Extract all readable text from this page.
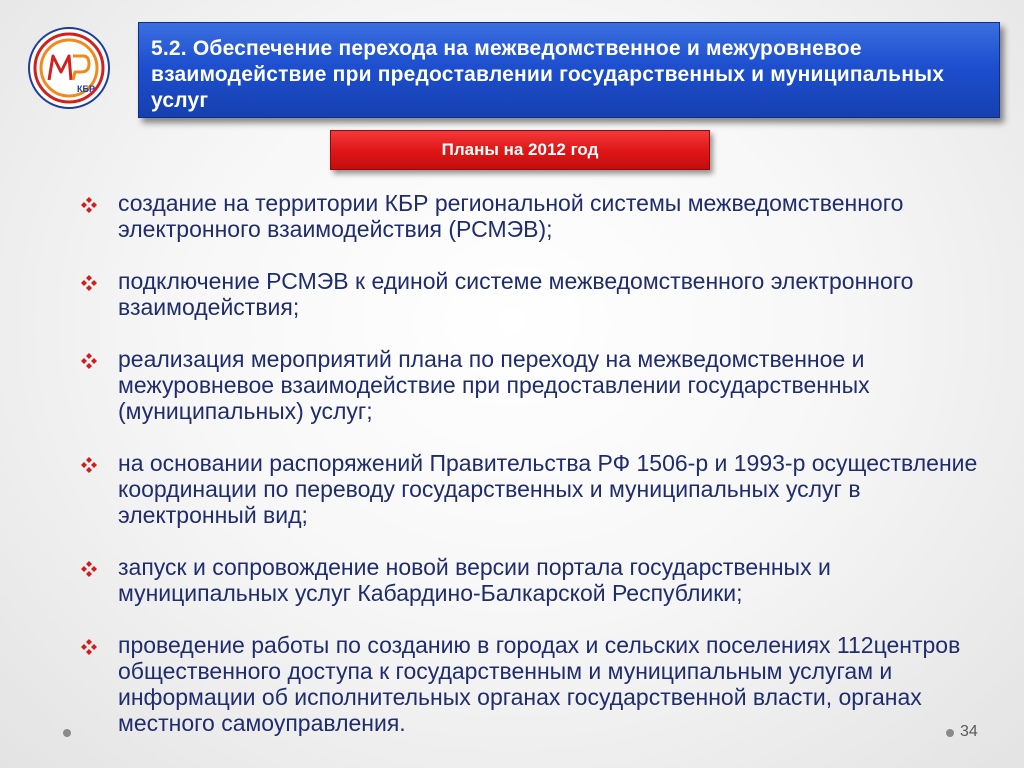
КБР

5.2. Обеспечение перехода на межведомственное и межуровневое взаимодействие при предоставлении государственных и муниципальных услуг

Планы на 2012 год
создание на территории КБР региональной системы межведомственного электронного взаимодействия (РСМЭВ);
подключение РСМЭВ к единой системе межведомственного электронного взаимодействия;
реализация мероприятий плана по переходу на межведомственное и межуровневое взаимодействие при предоставлении государственных (муниципальных) услуг;
на основании распоряжений Правительства РФ 1506-р и 1993-р осуществление координации по переводу государственных и муниципальных услуг в электронный вид;
запуск и сопровождение новой версии портала государственных и муниципальных услуг Кабардино-Балкарской Республики;
проведение работы по созданию в городах и сельских поселениях 112центров общественного доступа к государственным и муниципальным услугам и информации об исполнительных органах государственной власти, органах местного самоуправления.	34
